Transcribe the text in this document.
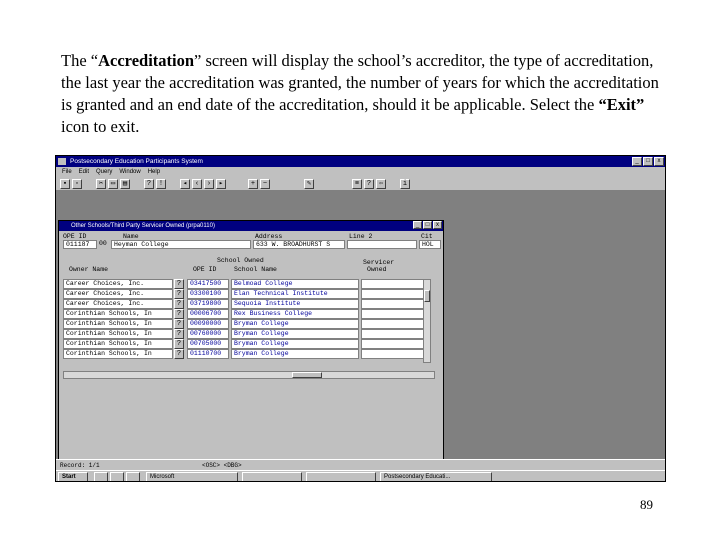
The “Accreditation” screen will display the school’s accreditor, the type of accreditation, the last year the accreditation was granted, the number of years for which the accreditation is granted and an end date of the accreditation, should it be applicable. Select the “Exit” icon to exit.
Postsecondary Education Participants System	_	□	x
File Edit Query Window Help
▪	▫	✂	▭	▤	?	!	◂	‹	›	▸	+	−	✎	≡	?	⇦	i
Other Schools/Third Party Servicer Owned (prpa0110)	_	□	x
OPE ID	Name	Address	Line 2	Cit
011187	00	Heyman College	633 W. BROADHURST S	HOL
School Owned	Servicer
Owner Name	OPE ID	School Name	Owned
Career Choices, Inc.	?	03417500	Belmoad College
Career Choices, Inc.	?	03300100	Elan Technical Institute
Career Choices, Inc.	?	03719800	Sequoia Institute
Corinthian Schools, In	?	00006700	Rex Business College
Corinthian Schools, In	?	00090000	Bryman College
Corinthian Schools, In	?	00760000	Bryman College
Corinthian Schools, In	?	00705000	Bryman College
Corinthian Schools, In	?	01110700	Bryman College
Record: 1/1	<OSC> <DBG>
Start	Microsoft	Postsecondary Educati...
89
